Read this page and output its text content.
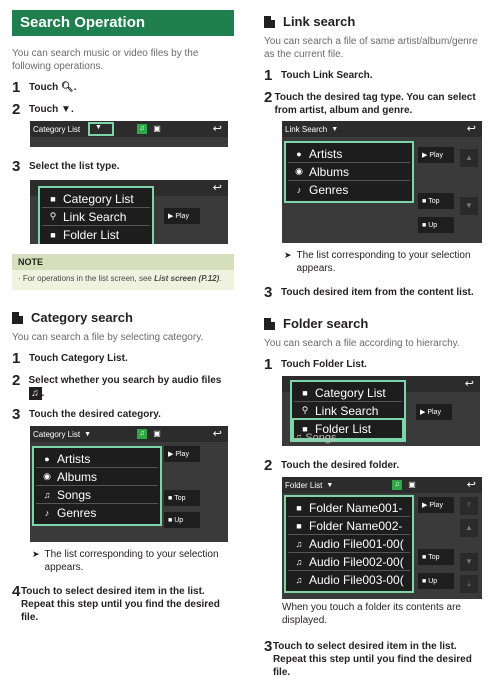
Search Operation

You can search music or video files by the following operations.

1 Touch 🔍︎.
2 Touch ▼.
Category List ▼	♫ ▣	↩
3 Select the list type.
↩
▶ Play
■ Category List
⚲ Link Search
■ Folder List
NOTE
· For operations in the list screen, see List screen (P.12).
Category search

You can search a file by selecting category.

1 Touch Category List.
2 Select whether you search by audio files ♫ .
3 Touch the desired category.
Category List ▼	♫ ▣	↩
▶ Play
■ Top
■ Up
● Artists
◉ Albums
♫ Songs
♪ Genres
➤ The list corresponding to your selection appears.
4 Touch to select desired item in the list. Repeat this step until you find the desired file.
Link search

You can search a file of same artist/album/genre as the current file.

1 Touch Link Search.
2 Touch the desired tag type. You can select from artist, album and genre.
Link Search ▼	↩
▶ Play
■ Top
■ Up
▲
▼
● Artists
◉ Albums
♪ Genres
➤ The list corresponding to your selection appears.
3 Touch desired item from the content list.
Folder search

You can search a file according to hierarchy.

1 Touch Folder List.
↩
▶ Play
■ Category List
⚲ Link Search
■ Folder List
♫ Songs
2 Touch the desired folder.
Folder List ▼	♫ ▣	↩
▶ Play
■ Top
■ Up
⤒
▲
▼
⤓
■ Folder Name001-
■ Folder Name002-
♫ Audio File001-00(
♫ Audio File002-00(
♫ Audio File003-00(

When you touch a folder its contents are displayed.

3 Touch to select desired item in the list. Repeat this step until you find the desired file.
